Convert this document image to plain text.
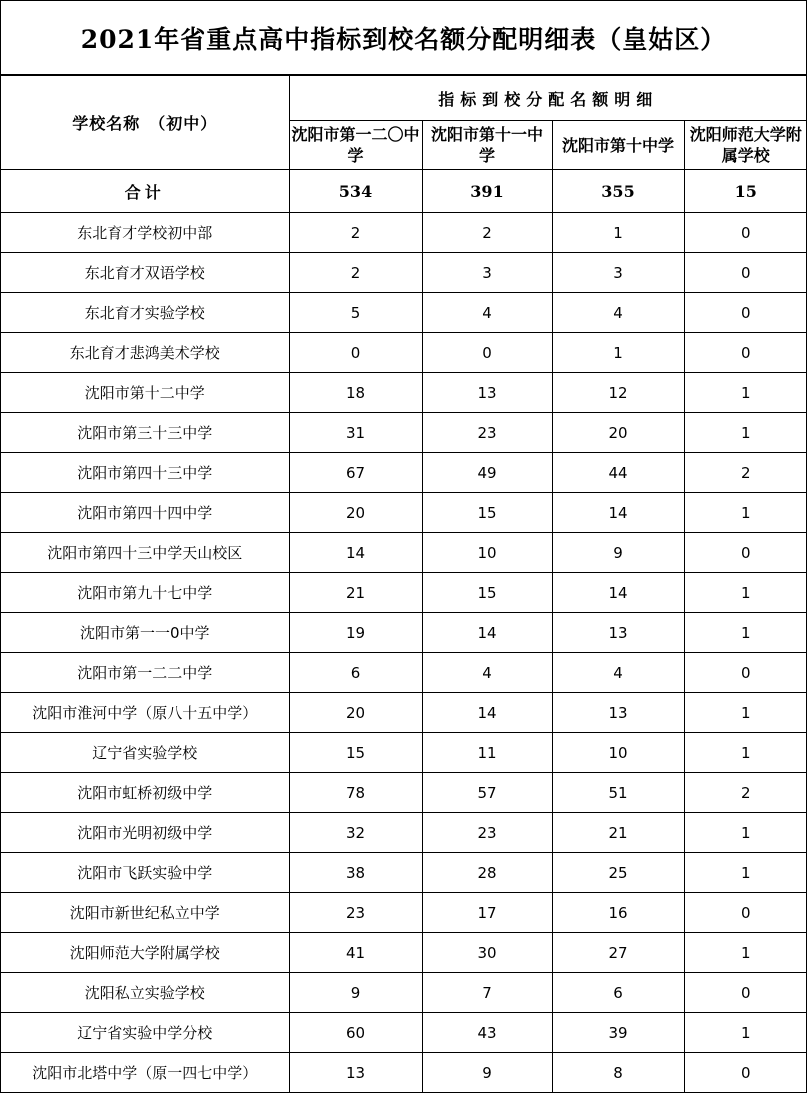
2021年省重点高中指标到校名额分配明细表（皇姑区）
学校名称　（初中）	指标到校分配名额明细			
	沈阳市第一二〇中学	沈阳市第十一中学	沈阳市第十中学	沈阳师范大学附属学校
合计	534	391	355	15
东北育才学校初中部	2	2	1	0
东北育才双语学校	2	3	3	0
东北育才实验学校	5	4	4	0
东北育才悲鸿美术学校	0	0	1	0
沈阳市第十二中学	18	13	12	1
沈阳市第三十三中学	31	23	20	1
沈阳市第四十三中学	67	49	44	2
沈阳市第四十四中学	20	15	14	1
沈阳市第四十三中学天山校区	14	10	9	0
沈阳市第九十七中学	21	15	14	1
沈阳市第一一0中学	19	14	13	1
沈阳市第一二二中学	6	4	4	0
沈阳市淮河中学（原八十五中学）	20	14	13	1
辽宁省实验学校	15	11	10	1
沈阳市虹桥初级中学	78	57	51	2
沈阳市光明初级中学	32	23	21	1
沈阳市飞跃实验中学	38	28	25	1
沈阳市新世纪私立中学	23	17	16	0
沈阳师范大学附属学校	41	30	27	1
沈阳私立实验学校	9	7	6	0
辽宁省实验中学分校	60	43	39	1
沈阳市北塔中学（原一四七中学）	13	9	8	0
